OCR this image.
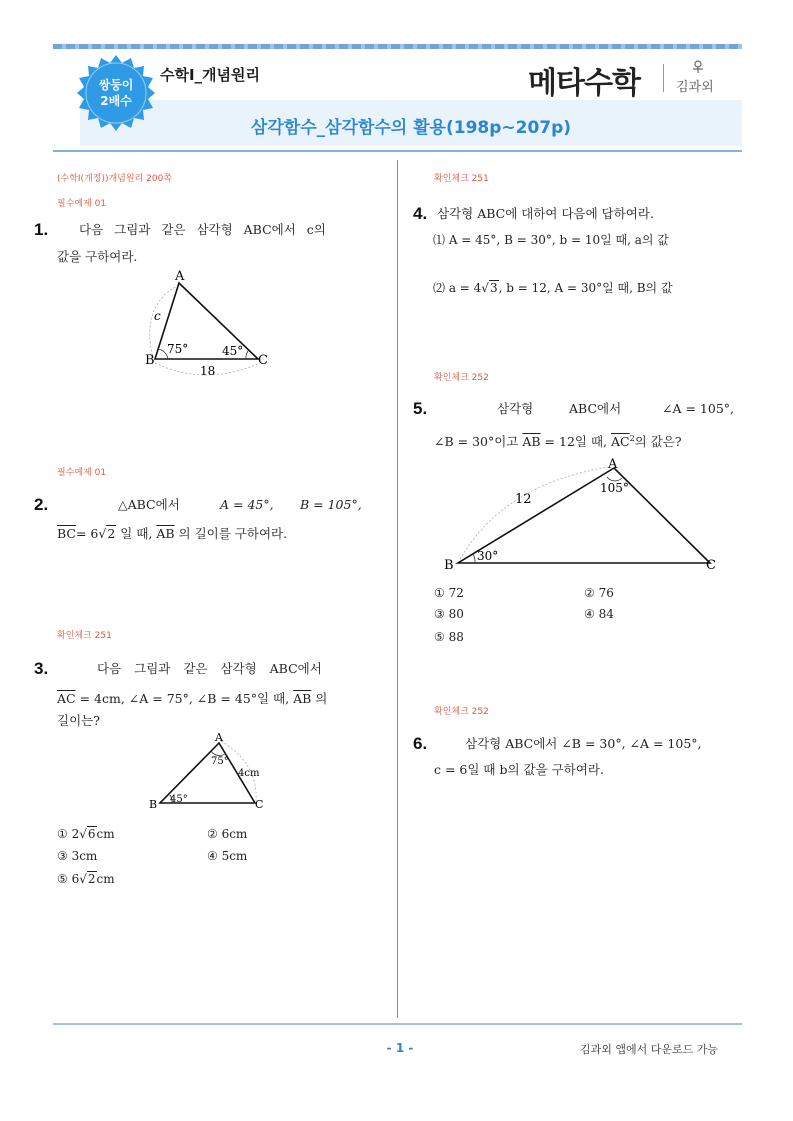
쌍둥이
2배수
수학Ⅰ_개념원리	메타수학	김과외
삼각함수_삼각함수의 활용(198p~207p)
(수학Ⅰ(개정))개념원리 200쪽
필수예제 01
1. 다음 그림과 같은 삼각형 ABC에서 c의
값을 구하여라.
A
B	C
c
75°	45°
18
필수예제 01
2.	△ABC에서	A = 45°, B = 105°,
$\overline{BC}= 6√2$ 일 때, $\overline{AB}$ 의 길이를 구하여라.
확인체크 251
3.	다음 그림과 같은 삼각형 ABC에서
$\overline{AC} = 4cm$, ∠A = 75°, ∠B = 45°일 때, $\overline{AB}$ 의
길이는?
A
B	C
75°
45°
4cm
① 2√6cm	② 6cm
③ 3cm	④ 5cm
⑤ 6√2cm
확인체크 251
4. 삼각형 ABC에 대하여 다음에 답하여라.
⑴ A = 45°, B = 30°, b = 10일 때, a의 값
⑵ a = 4√3, b = 12, A = 30°일 때, B의 값
확인체크 252
5.	삼각형	ABC에서	∠A = 105°,
∠B = 30°이고 $\overline{AB} = 12$일 때, $\overline{AC}^2$의 값은?
A
B	C
105°
30°
12
① 72	② 76
③ 80	④ 84
⑤ 88
확인체크 252
6.	삼각형 ABC에서 ∠B = 30°, ∠A = 105°,
c = 6일 때 b의 값을 구하여라.
- 1 -	김과외 앱에서 다운로드 가능
